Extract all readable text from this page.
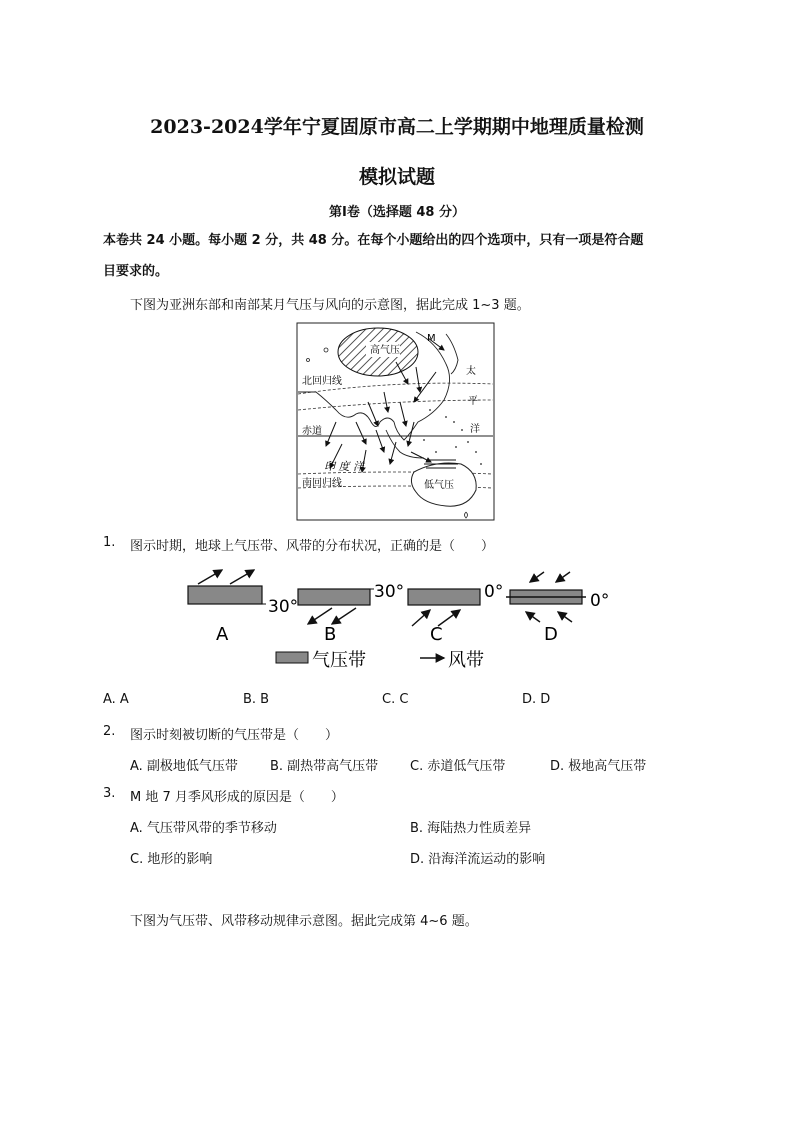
2023-2024学年宁夏固原市高二上学期期中地理质量检测
模拟试题
第Ⅰ卷（选择题 48 分）
本卷共 24 小题。每小题 2 分，共 48 分。在每个小题给出的四个选项中，只有一项是符合题
目要求的。
下图为亚洲东部和南部某月气压与风向的示意图，据此完成 1~3 题。
高气压
M
北回归线
赤道
印 度 洋
南回归线	低气压
太
平
洋
1. 图示时期，地球上气压带、风带的分布状况，正确的是（　　）
30°
A
30°
B
0°
C
0°
D
气压带	风带
A. A	B. B	C. C	D. D
2. 图示时刻被切断的气压带是（　　）
A. 副极地低气压带 B. 副热带高气压带 C. 赤道低气压带	D. 极地高气压带
3. M 地 7 月季风形成的原因是（　　）
A. 气压带风带的季节移动	B. 海陆热力性质差异
C. 地形的影响	D. 沿海洋流运动的影响
下图为气压带、风带移动规律示意图。据此完成第 4~6 题。
